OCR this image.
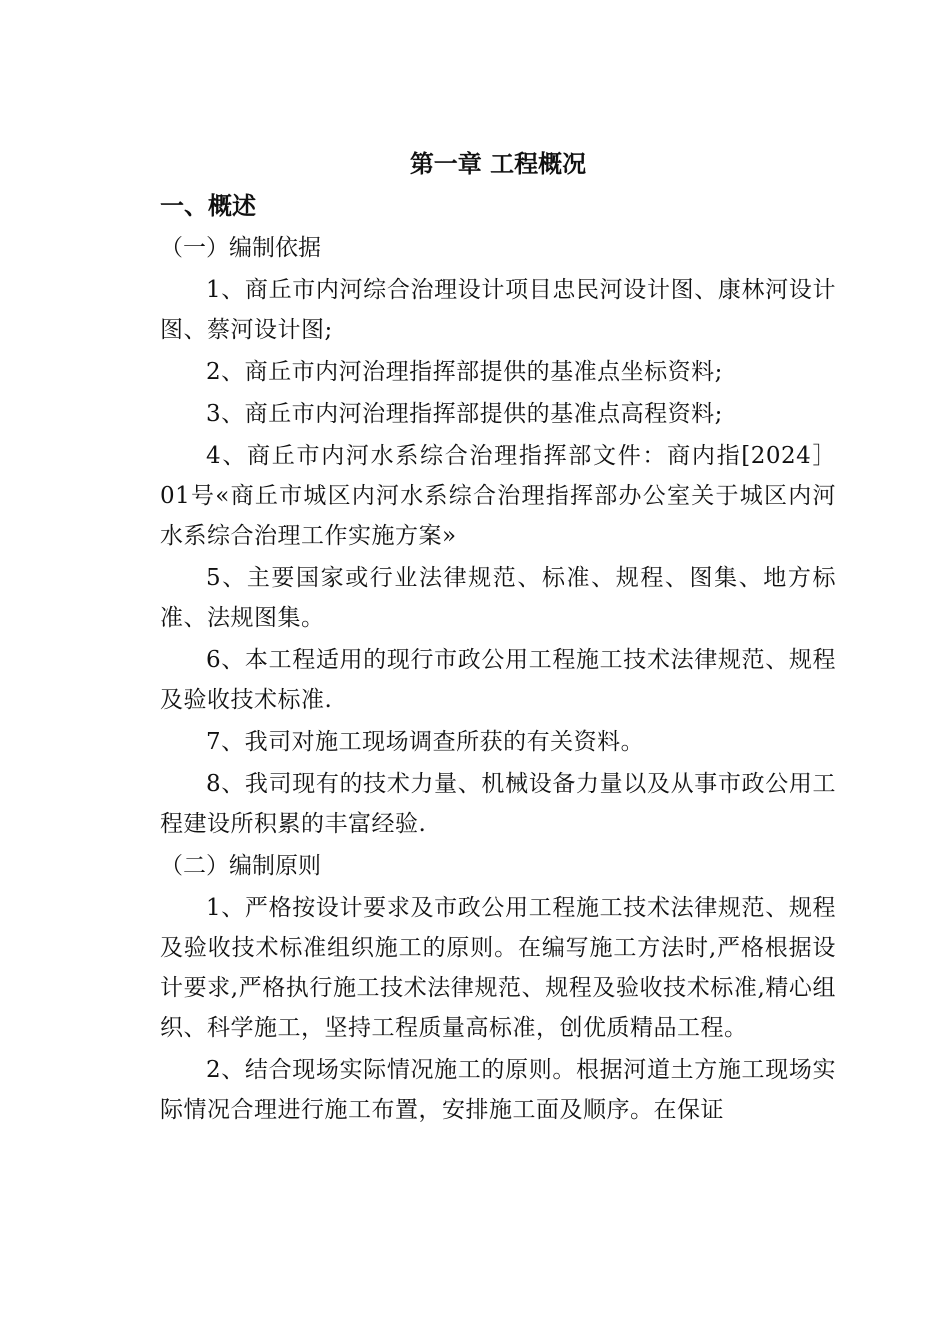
第一章 工程概况
一、概述
（一）编制依据

1、商丘市内河综合治理设计项目忠民河设计图、康林河设计图、蔡河设计图;

2、商丘市内河治理指挥部提供的基准点坐标资料;

3、商丘市内河治理指挥部提供的基准点高程资料;

4、商丘市内河水系综合治理指挥部文件：商内指[2024］01号«商丘市城区内河水系综合治理指挥部办公室关于城区内河水系综合治理工作实施方案»

5、主要国家或行业法律规范、标准、规程、图集、地方标准、法规图集。

6、本工程适用的现行市政公用工程施工技术法律规范、规程及验收技术标准.

7、我司对施工现场调查所获的有关资料。

8、我司现有的技术力量、机械设备力量以及从事市政公用工程建设所积累的丰富经验.

（二）编制原则

1、严格按设计要求及市政公用工程施工技术法律规范、规程及验收技术标准组织施工的原则。在编写施工方法时,严格根据设计要求,严格执行施工技术法律规范、规程及验收技术标准,精心组织、科学施工，坚持工程质量高标准，创优质精品工程。

2、结合现场实际情况施工的原则。根据河道土方施工现场实际情况合理进行施工布置，安排施工面及顺序。在保证
